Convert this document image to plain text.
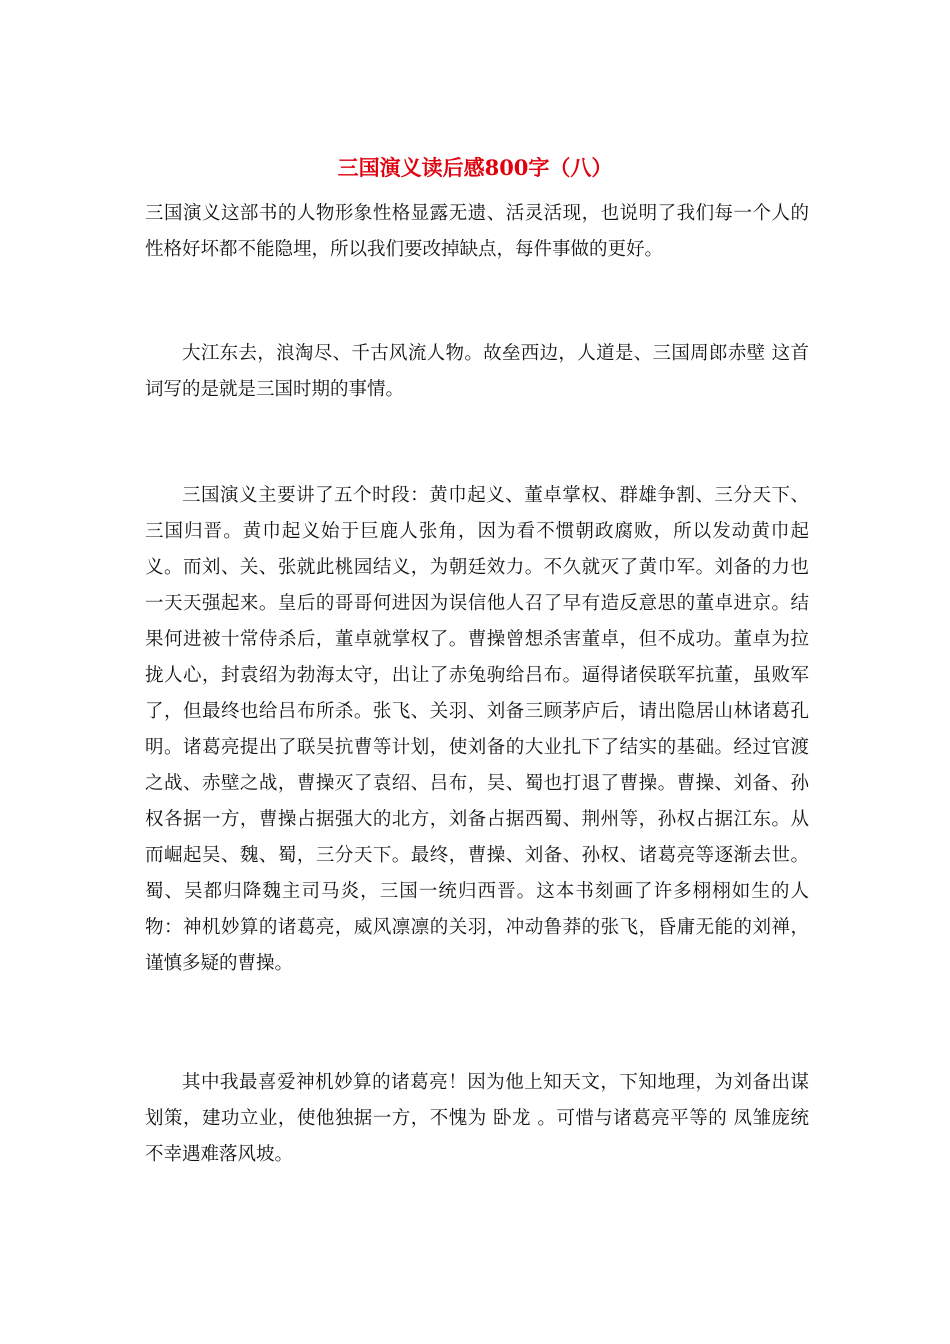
三国演义读后感800字（八）

三国演义这部书的人物形象性格显露无遗、活灵活现，也说明了我们每一个人的性格好坏都不能隐埋，所以我们要改掉缺点，每件事做的更好。

大江东去，浪淘尽、千古风流人物。故垒西边，人道是、三国周郎赤壁 这首词写的是就是三国时期的事情。

三国演义主要讲了五个时段：黄巾起义、董卓掌权、群雄争割、三分天下、三国归晋。黄巾起义始于巨鹿人张角，因为看不惯朝政腐败，所以发动黄巾起义。而刘、关、张就此桃园结义，为朝廷效力。不久就灭了黄巾军。刘备的力也一天天强起来。皇后的哥哥何进因为误信他人召了早有造反意思的董卓进京。结果何进被十常侍杀后，董卓就掌权了。曹操曾想杀害董卓，但不成功。董卓为拉拢人心，封袁绍为勃海太守，出让了赤兔驹给吕布。逼得诸侯联军抗董，虽败军了，但最终也给吕布所杀。张飞、关羽、刘备三顾茅庐后，请出隐居山林诸葛孔明。诸葛亮提出了联吴抗曹等计划，使刘备的大业扎下了结实的基础。经过官渡之战、赤壁之战，曹操灭了袁绍、吕布，吴、蜀也打退了曹操。曹操、刘备、孙权各据一方，曹操占据强大的北方，刘备占据西蜀、荆州等，孙权占据江东。从而崛起吴、魏、蜀，三分天下。最终，曹操、刘备、孙权、诸葛亮等逐渐去世。蜀、吴都归降魏主司马炎，三国一统归西晋。这本书刻画了许多栩栩如生的人物：神机妙算的诸葛亮，威风凛凛的关羽，冲动鲁莽的张飞，昏庸无能的刘禅，谨慎多疑的曹操。

其中我最喜爱神机妙算的诸葛亮！因为他上知天文，下知地理，为刘备出谋划策，建功立业，使他独据一方，不愧为 卧龙 。可惜与诸葛亮平等的 凤雏庞统不幸遇难落风坡。
